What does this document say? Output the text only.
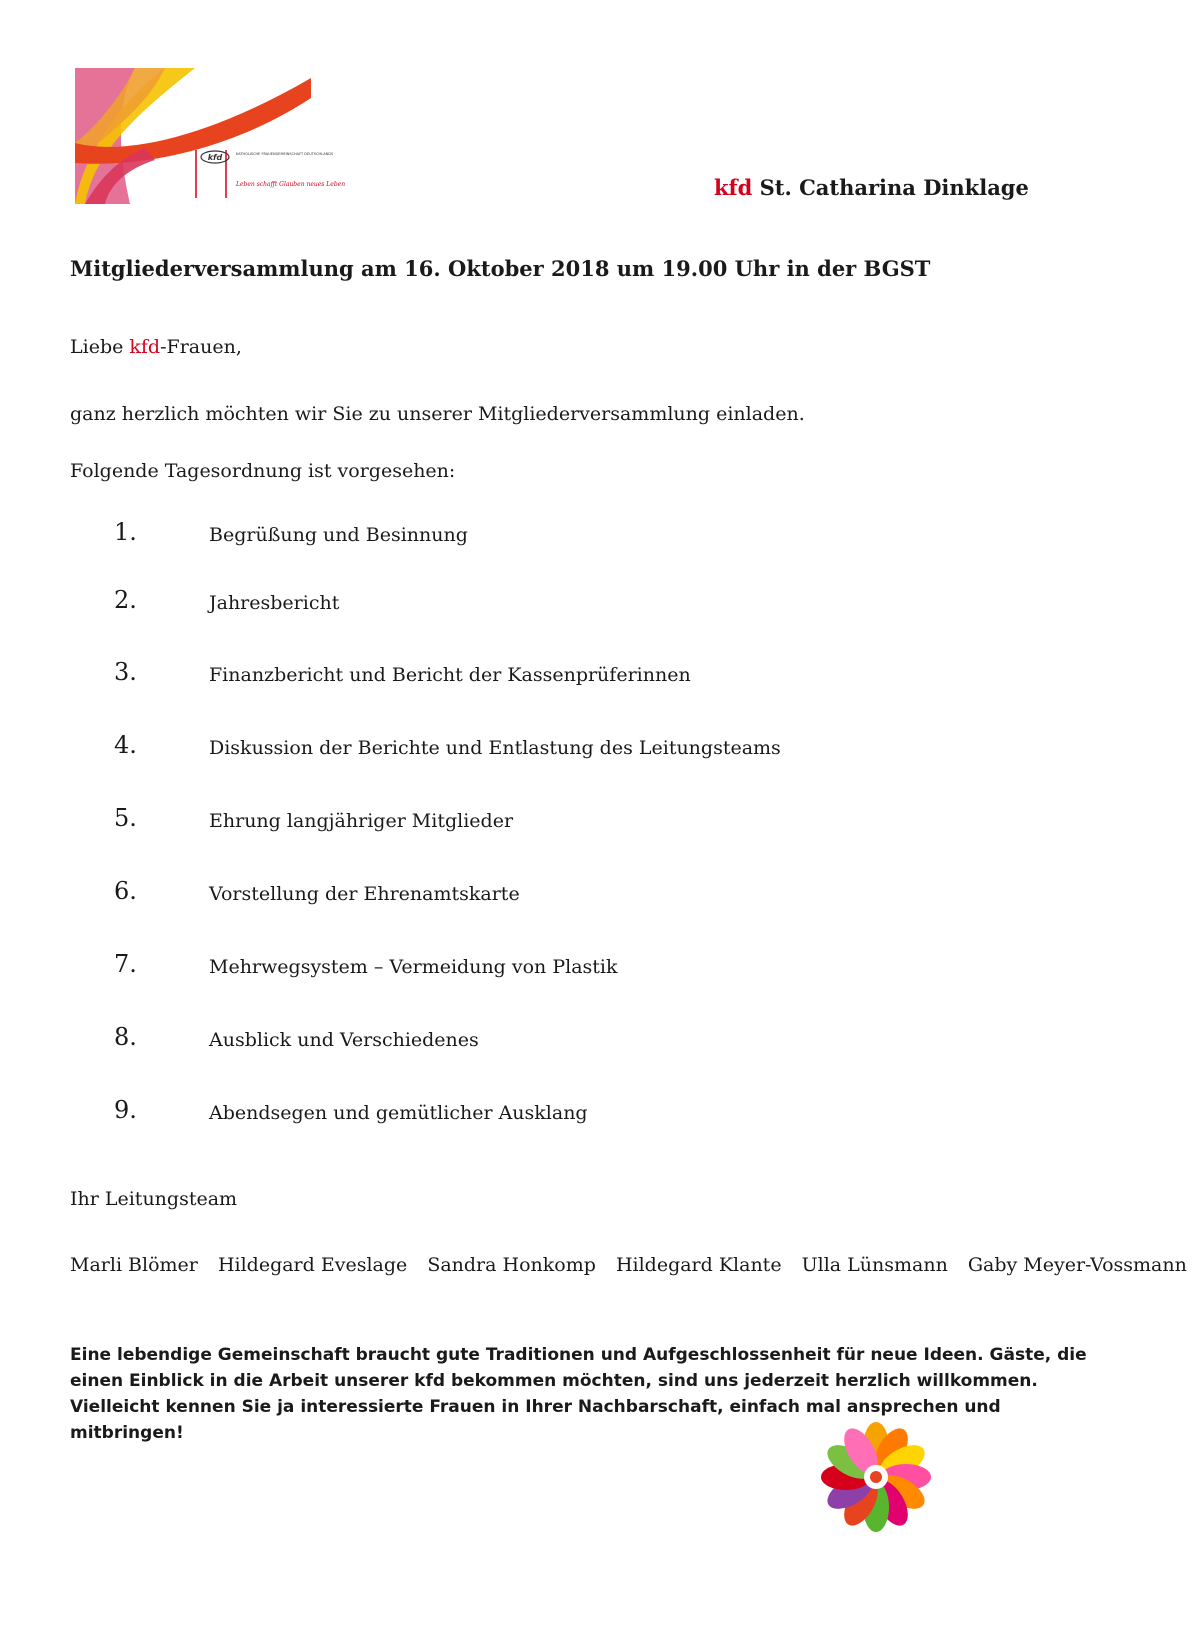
kfd	KATHOLISCHE FRAUENGEMEINSCHAFT DEUTSCHLANDS
Leben schafft Glauben neues Leben	kfd St. Catharina Dinklage
Mitgliederversammlung am 16. Oktober 2018 um 19.00 Uhr in der BGST
Liebe kfd-Frauen,
ganz herzlich möchten wir Sie zu unserer Mitgliederversammlung einladen.
Folgende Tagesordnung ist vorgesehen:
1.	Begrüßung und Besinnung
2.	Jahresbericht
3.	Finanzbericht und Bericht der Kassenprüferinnen
4.	Diskussion der Berichte und Entlastung des Leitungsteams
5.	Ehrung langjähriger Mitglieder
6.	Vorstellung der Ehrenamtskarte
7.	Mehrwegsystem – Vermeidung von Plastik
8.	Ausblick und Verschiedenes
9.	Abendsegen und gemütlicher Ausklang
Ihr Leitungsteam
Marli Blömer Hildegard Eveslage Sandra Honkomp Hildegard Klante Ulla Lünsmann Gaby Meyer-Vossmann
Eine lebendige Gemeinschaft braucht gute Traditionen und Aufgeschlossenheit für neue Ideen. Gäste, die einen Einblick in die Arbeit unserer kfd bekommen möchten, sind uns jederzeit herzlich willkommen. Vielleicht kennen Sie ja interessierte Frauen in Ihrer Nachbarschaft, einfach mal ansprechen und mitbringen!
